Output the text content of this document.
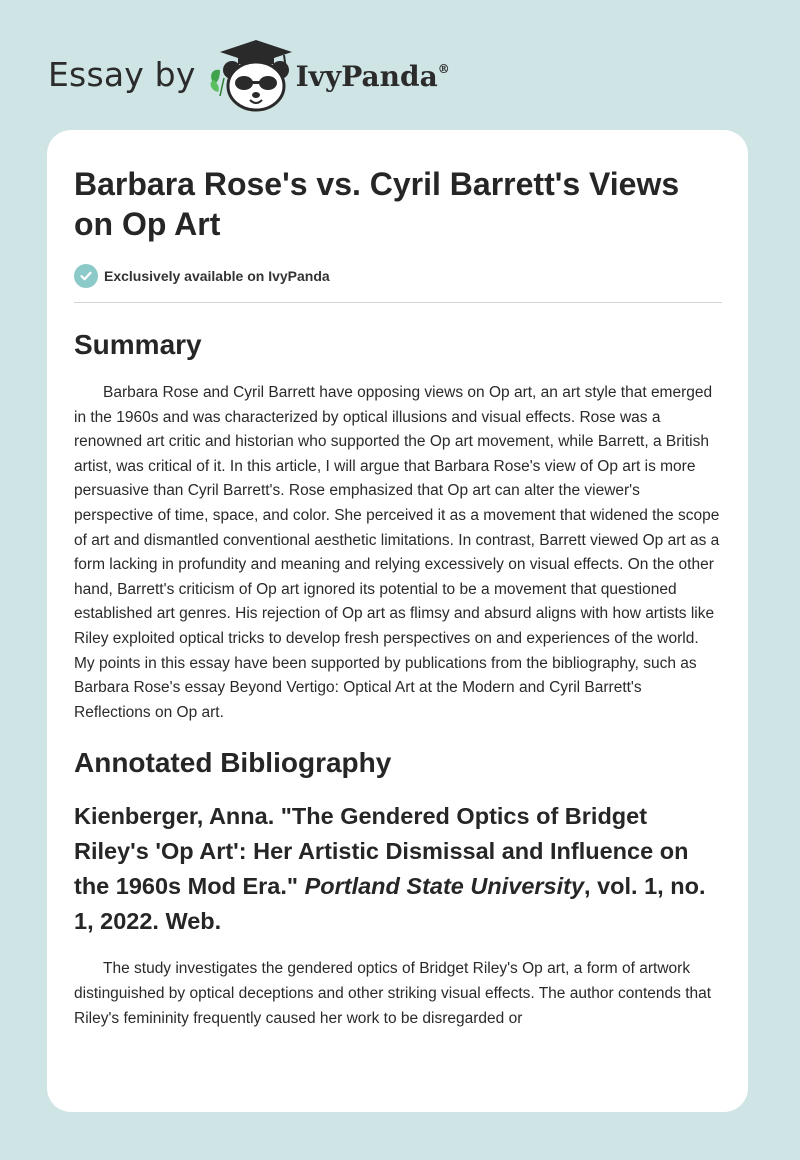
Essay by	IvyPanda®
Barbara Rose's vs. Cyril Barrett's Views on Op Art
Exclusively available on IvyPanda
Summary

Barbara Rose and Cyril Barrett have opposing views on Op art, an art style that emerged in the 1960s and was characterized by optical illusions and visual effects. Rose was a renowned art critic and historian who supported the Op art movement, while Barrett, a British artist, was critical of it. In this article, I will argue that Barbara Rose's view of Op art is more persuasive than Cyril Barrett's. Rose emphasized that Op art can alter the viewer's perspective of time, space, and color. She perceived it as a movement that widened the scope of art and dismantled conventional aesthetic limitations. In contrast, Barrett viewed Op art as a form lacking in profundity and meaning and relying excessively on visual effects. On the other hand, Barrett's criticism of Op art ignored its potential to be a movement that questioned established art genres. His rejection of Op art as flimsy and absurd aligns with how artists like Riley exploited optical tricks to develop fresh perspectives on and experiences of the world. My points in this essay have been supported by publications from the bibliography, such as Barbara Rose's essay Beyond Vertigo: Optical Art at the Modern and Cyril Barrett's Reflections on Op art.

Annotated Bibliography
Kienberger, Anna. "The Gendered Optics of Bridget Riley's 'Op Art': Her Artistic Dismissal and Influence on the 1960s Mod Era." Portland State University, vol. 1, no. 1, 2022. Web.

The study investigates the gendered optics of Bridget Riley's Op art, a form of artwork distinguished by optical deceptions and other striking visual effects. The author contends that Riley's femininity frequently caused her work to be disregarded or
